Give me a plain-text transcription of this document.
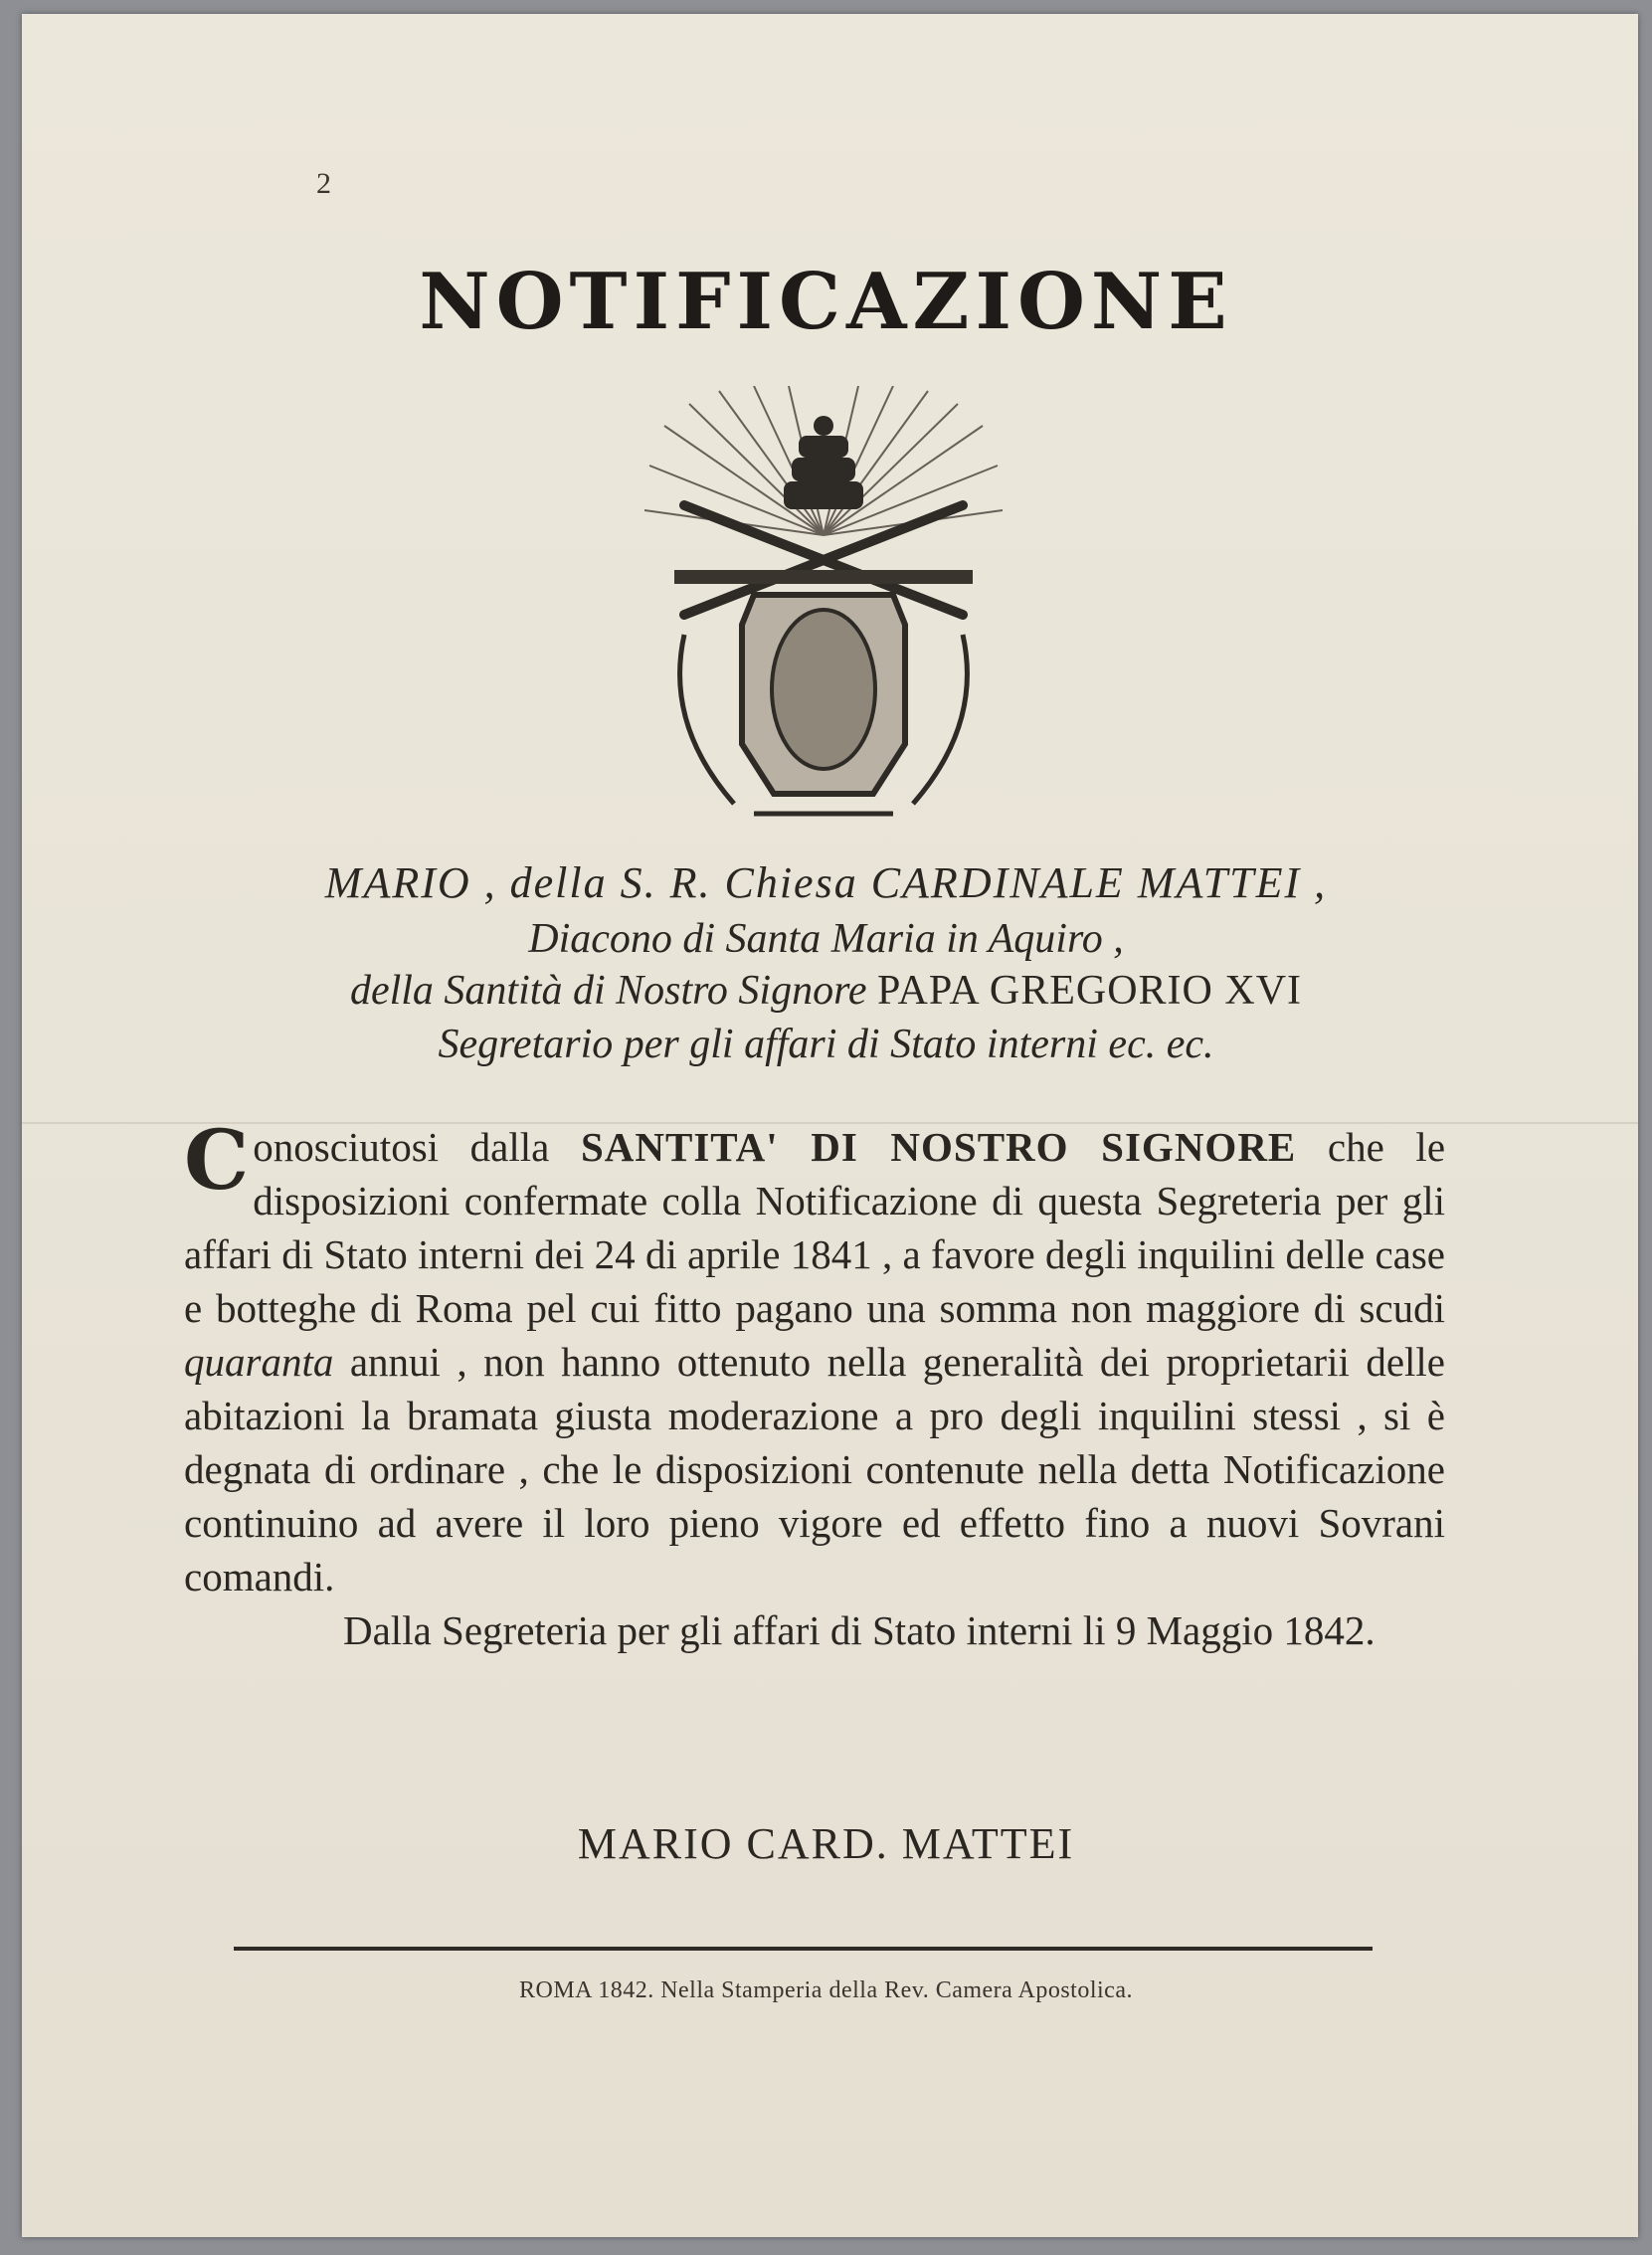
2
NOTIFICAZIONE
MARIO , della S. R. Chiesa CARDINALE MATTEI ,
Diacono di Santa Maria in Aquiro ,
della Santità di Nostro Signore PAPA GREGORIO XVI
Segretario per gli affari di Stato interni ec. ec.
Conosciutosi dalla SANTITA' DI NOSTRO SIGNORE che le disposizioni confermate colla Notificazione di questa Segreteria per gli affari di Stato interni dei 24 di aprile 1841 , a favore degli inquilini delle case e botteghe di Roma pel cui fitto pagano una somma non maggiore di scudi quaranta annui , non hanno ottenuto nella generalità dei proprietarii delle abitazioni la bramata giusta moderazione a pro degli inquilini stessi , si è degnata di ordinare , che le disposizioni contenute nella detta Notificazione continuino ad avere il loro pieno vigore ed effetto fino a nuovi Sovrani comandi.
Dalla Segreteria per gli affari di Stato interni li 9 Maggio 1842.
MARIO CARD. MATTEI
ROMA 1842. Nella Stamperia della Rev. Camera Apostolica.
